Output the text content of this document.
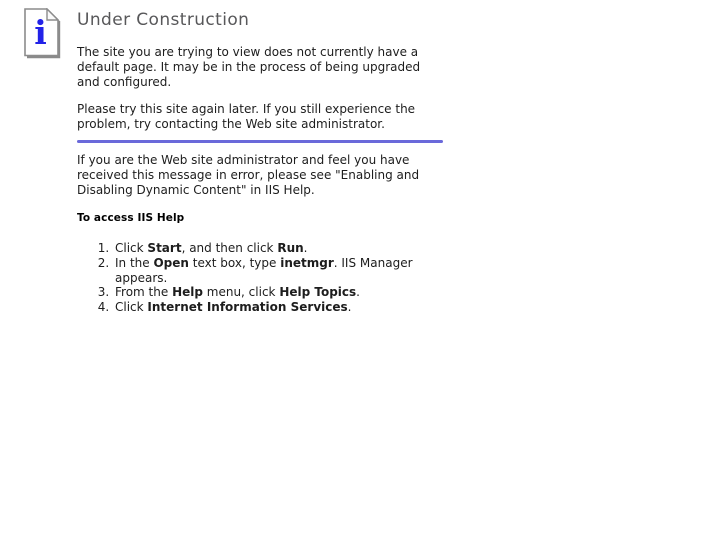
i	Under Construction

The site you are trying to view does not currently have a default page. It may be in the process of being upgraded and configured.

Please try this site again later. If you still experience the problem, try contacting the Web site administrator.

If you are the Web site administrator and feel you have received this message in error, please see "Enabling and Disabling Dynamic Content" in IIS Help.

To access IIS Help
1. Click Start, and then click Run.
2. In the Open text box, type inetmgr. IIS Manager appears.
3. From the Help menu, click Help Topics.
4. Click Internet Information Services.
